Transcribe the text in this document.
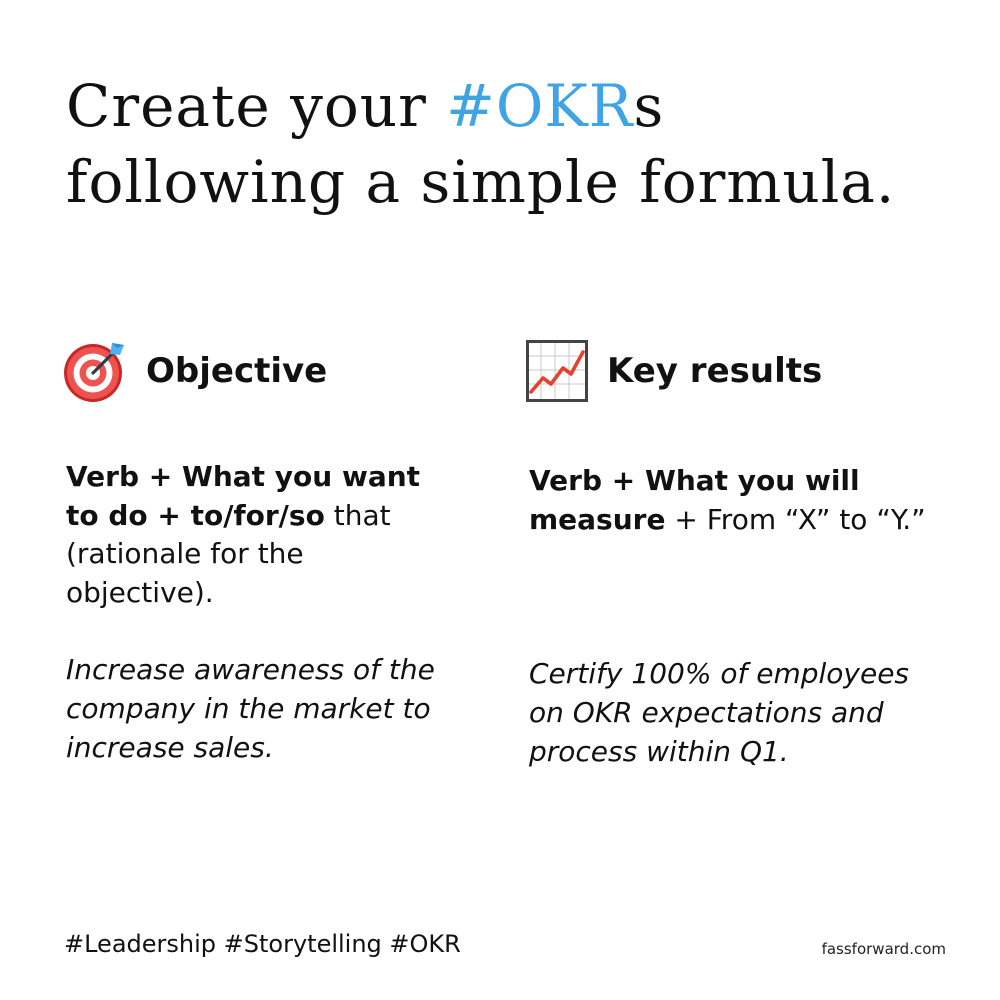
Create your #OKRs following a simple formula.
Objective
Verb + What you want to do + to/for/so that (rationale for the objective).
Increase awareness of the company in the market to increase sales.
Key results
Verb + What you will measure + From “X” to “Y.”
Certify 100% of employees on OKR expectations and process within Q1.
#Leadership #Storytelling #OKR	fassforward.com
